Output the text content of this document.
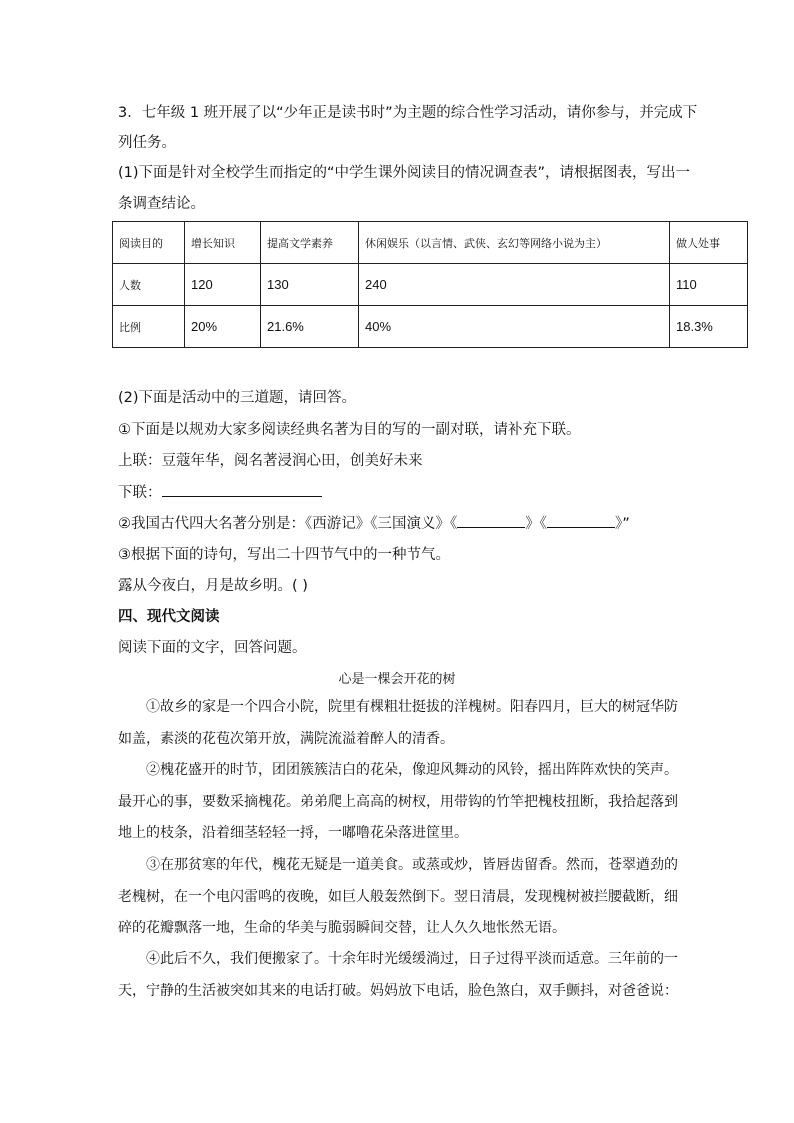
3．七年级 1 班开展了以“少年正是读书时”为主题的综合性学习活动，请你参与，并完成下
列任务。
(1)下面是针对全校学生而指定的“中学生课外阅读目的情况调查表”，请根据图表，写出一
条调查结论。
阅读目的	增长知识	提高文学素养	休闲娱乐（以言情、武侠、玄幻等网络小说为主）	做人处事
人数	120	130	240	110
比例	20%	21.6%	40%	18.3%
(2)下面是活动中的三道题，请回答。
①下面是以规劝大家多阅读经典名著为目的写的一副对联，请补充下联。
上联：豆蔻年华，阅名著浸润心田，创美好未来
下联：
②我国古代四大名著分别是：《西游记》《三国演义》《	》《	》”
③根据下面的诗句，写出二十四节气中的一种节气。
露从今夜白，月是故乡明。( )
四、现代文阅读
阅读下面的文字，回答问题。
心是一棵会开花的树

①故乡的家是一个四合小院，院里有棵粗壮挺拔的洋槐树。阳春四月，巨大的树冠华防如盖，素淡的花苞次第开放，满院流溢着醉人的清香。

②槐花盛开的时节，团团簇簇洁白的花朵，像迎风舞动的风铃，摇出阵阵欢快的笑声。最开心的事，要数采摘槐花。弟弟爬上高高的树杈，用带钩的竹竿把槐枝扭断，我拾起落到地上的枝条，沿着细茎轻轻一捋，一嘟噜花朵落进筐里。

③在那贫寒的年代，槐花无疑是一道美食。或蒸或炒，皆唇齿留香。然而，苍翠遒劲的老槐树，在一个电闪雷鸣的夜晚，如巨人般轰然倒下。翌日清晨，发现槐树被拦腰截断，细碎的花瓣飘落一地，生命的华美与脆弱瞬间交替，让人久久地怅然无语。

④此后不久，我们便搬家了。十余年时光缓缓淌过，日子过得平淡而适意。三年前的一天，宁静的生活被突如其来的电话打破。妈妈放下电话，脸色煞白，双手颤抖，对爸爸说：
